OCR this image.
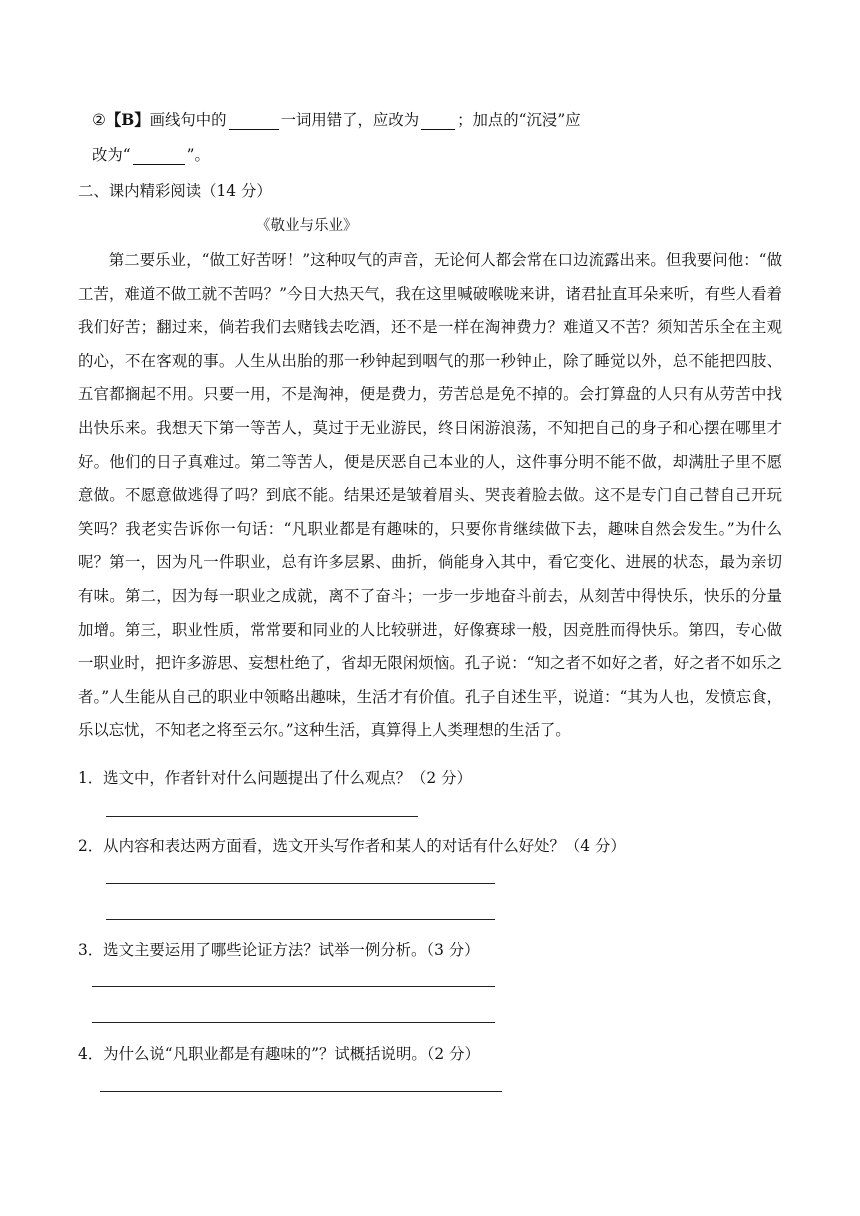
②【B】画线句中的	一词用错了，应改为 ；加点的“沉浸”应
改为“	”。
二、课内精彩阅读（14 分）
《敬业与乐业》
第二要乐业，“做工好苦呀！”这种叹气的声音，无论何人都会常在口边流露出来。但我要问他：“做工苦，难道不做工就不苦吗？”今日大热天气，我在这里喊破喉咙来讲，诸君扯直耳朵来听，有些人看着我们好苦；翻过来，倘若我们去赌钱去吃酒，还不是一样在淘神费力？难道又不苦？须知苦乐全在主观的心，不在客观的事。人生从出胎的那一秒钟起到咽气的那一秒钟止，除了睡觉以外，总不能把四肢、五官都搁起不用。只要一用，不是淘神，便是费力，劳苦总是免不掉的。会打算盘的人只有从劳苦中找出快乐来。我想天下第一等苦人，莫过于无业游民，终日闲游浪荡，不知把自己的身子和心摆在哪里才好。他们的日子真难过。第二等苦人，便是厌恶自己本业的人，这件事分明不能不做，却满肚子里不愿意做。不愿意做逃得了吗？到底不能。结果还是皱着眉头、哭丧着脸去做。这不是专门自己替自己开玩笑吗？我老实告诉你一句话：“凡职业都是有趣味的，只要你肯继续做下去，趣味自然会发生。”为什么呢？第一，因为凡一件职业，总有许多层累、曲折，倘能身入其中，看它变化、进展的状态，最为亲切有味。第二，因为每一职业之成就，离不了奋斗；一步一步地奋斗前去，从刻苦中得快乐，快乐的分量加增。第三，职业性质，常常要和同业的人比较骈进，好像赛球一般，因竞胜而得快乐。第四，专心做一职业时，把许多游思、妄想杜绝了，省却无限闲烦恼。孔子说：“知之者不如好之者，好之者不如乐之者。”人生能从自己的职业中领略出趣味，生活才有价值。孔子自述生平，说道：“其为人也，发愤忘食，乐以忘忧，不知老之将至云尔。”这种生活，真算得上人类理想的生活了。
1．选文中，作者针对什么问题提出了什么观点？（2 分）
2．从内容和表达两方面看，选文开头写作者和某人的对话有什么好处？（4 分）
3．选文主要运用了哪些论证方法？试举一例分析。（3 分）
4．为什么说“凡职业都是有趣味的”？试概括说明。（2 分）
